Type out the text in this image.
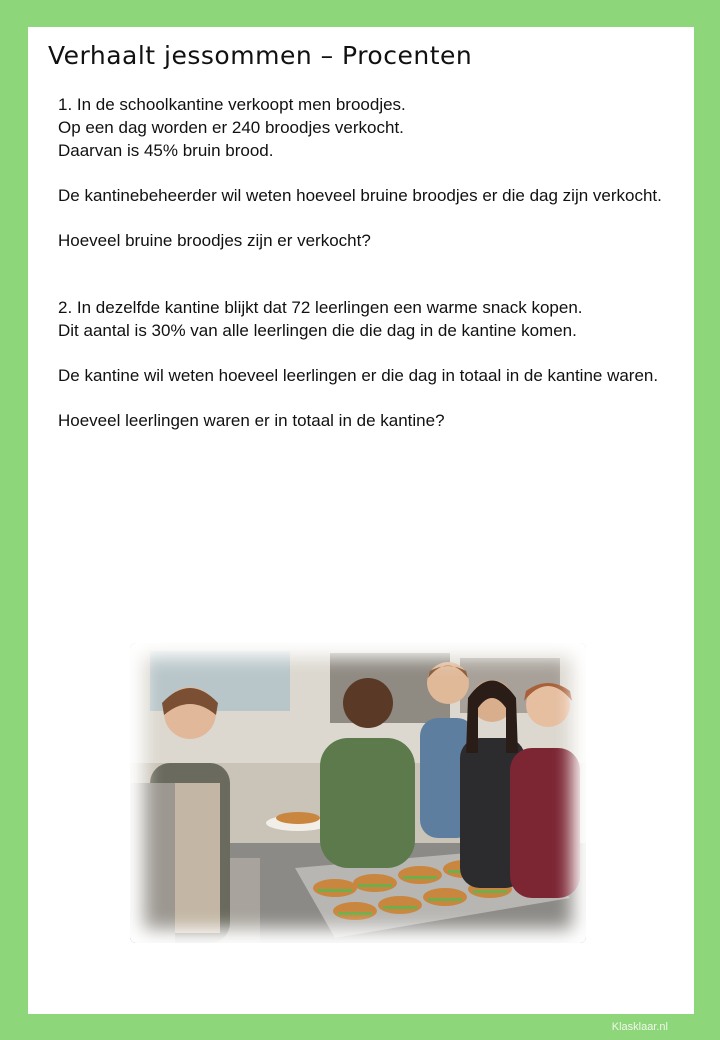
Verhaalt jessommen – Procenten

1. In de schoolkantine verkoopt men broodjes.

Op een dag worden er 240 broodjes verkocht.

Daarvan is 45% bruin brood.

De kantinebeheerder wil weten hoeveel bruine broodjes er die dag zijn verkocht.

Hoeveel bruine broodjes zijn er verkocht?

2. In dezelfde kantine blijkt dat 72 leerlingen een warme snack kopen.

Dit aantal is 30% van alle leerlingen die die dag in de kantine komen.

De kantine wil weten hoeveel leerlingen er die dag in totaal in de kantine waren.

Hoeveel leerlingen waren er in totaal in de kantine?

Klasklaar.nl
